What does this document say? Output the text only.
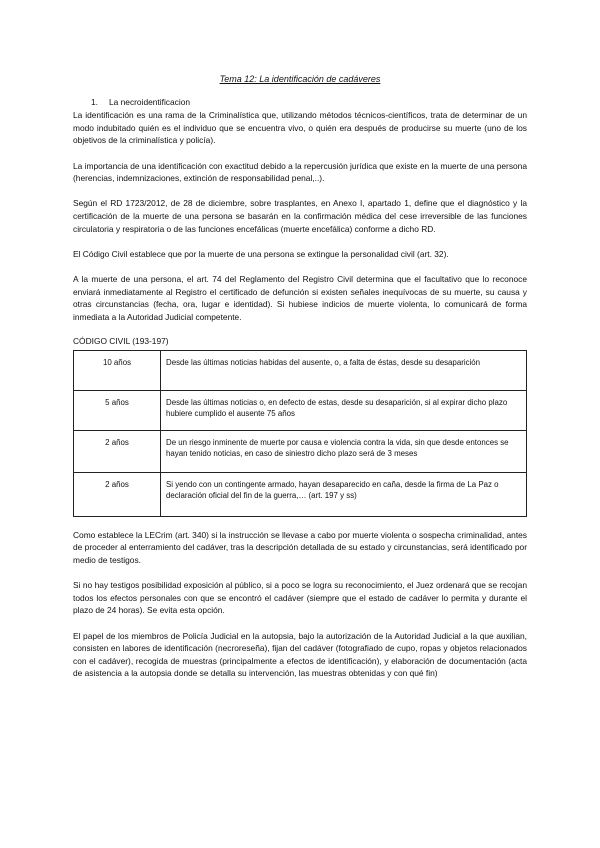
Tema 12: La identificación de cadáveres
1. La necroidentificacion

La identificación es una rama de la Criminalística que, utilizando métodos técnicos-científicos, trata de determinar de un modo indubitado quién es el individuo que se encuentra vivo, o quién era después de producirse su muerte (uno de los objetivos de la criminalística y policía).

La importancia de una identificación con exactitud debido a la repercusión jurídica que existe en la muerte de una persona (herencias, indemnizaciones, extinción de responsabilidad penal,..).

Según el RD 1723/2012, de 28 de diciembre, sobre trasplantes, en Anexo I, apartado 1, define que el diagnóstico y la certificación de la muerte de una persona se basarán en la confirmación médica del cese irreversible de las funciones circulatoria y respiratoria o de las funciones encefálicas (muerte encefálica) conforme a dicho RD.

El Código Civil establece que por la muerte de una persona se extingue la personalidad civil (art. 32).

A la muerte de una persona, el art. 74 del Reglamento del Registro Civil determina que el facultativo que lo reconoce enviará inmediatamente al Registro el certificado de defunción si existen señales inequívocas de su muerte, su causa y otras circunstancias (fecha, ora, lugar e identidad). Si hubiese indicios de muerte violenta, lo comunicará de forma inmediata a la Autoridad Judicial competente.

CÓDIGO CIVIL (193-197)
10 años	Desde las últimas noticias habidas del ausente, o, a falta de éstas, desde su desaparición
5 años	Desde las últimas noticias o, en defecto de estas, desde su desaparición, si al expirar dicho plazo hubiere cumplido el ausente 75 años
2 años	De un riesgo inminente de muerte por causa e violencia contra la vida, sin que desde entonces se hayan tenido noticias, en caso de siniestro dicho plazo será de 3 meses
2 años	Si yendo con un contingente armado, hayan desaparecido en caña, desde la firma de La Paz o declaración oficial del fin de la guerra,… (art. 197 y ss)

Como establece la LECrim (art. 340) si la instrucción se llevase a cabo por muerte violenta o sospecha criminalidad, antes de proceder al enterramiento del cadáver, tras la descripción detallada de su estado y circunstancias, será identificado por medio de testigos.

Si no hay testigos posibilidad exposición al público, si a poco se logra su reconocimiento, el Juez ordenará que se recojan todos los efectos personales con que se encontró el cadáver (siempre que el estado de cadáver lo permita y durante el plazo de 24 horas). Se evita esta opción.

El papel de los miembros de Policía Judicial en la autopsia, bajo la autorización de la Autoridad Judicial a la que auxilian, consisten en labores de identificación (necroreseña), fijan del cadáver (fotografiado de cupo, ropas y objetos relacionados con el cadáver), recogida de muestras (principalmente a efectos de identificación), y elaboración de documentación (acta de asistencia a la autopsia donde se detalla su intervención, las muestras obtenidas y con qué fin)
